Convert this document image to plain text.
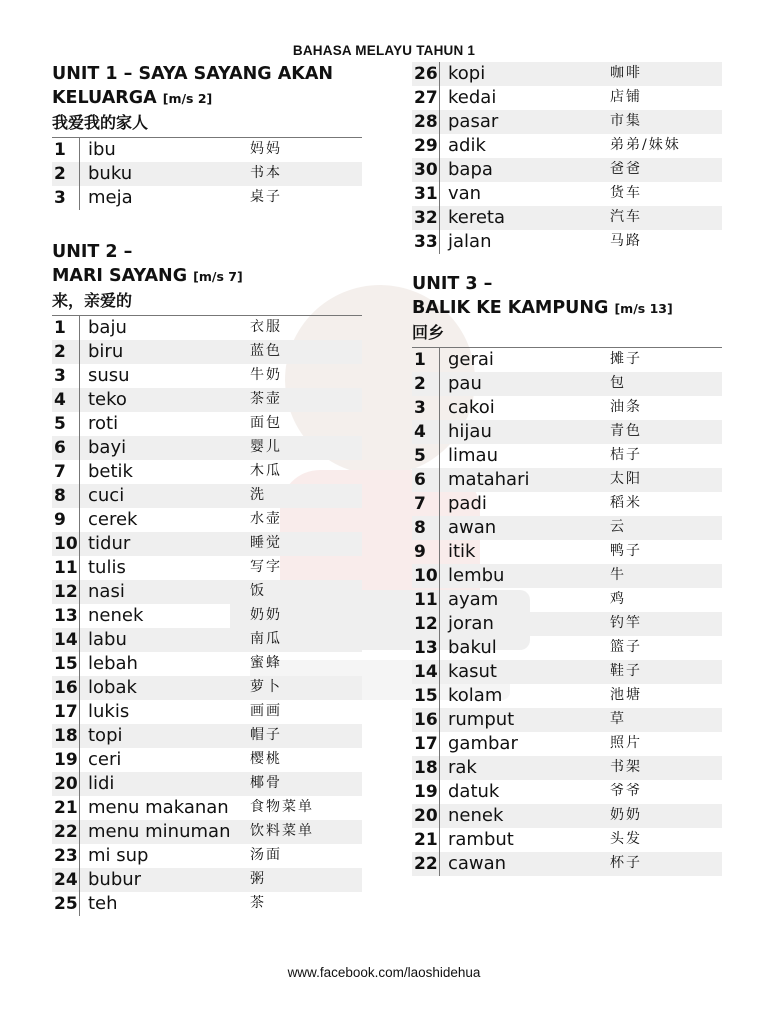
BAHASA MELAYU TAHUN 1
UNIT 1 – SAYA SAYANG AKAN
KELUARGA [m/s 2]
我爱我的家人
1	ibu	妈妈
2	buku	书本
3	meja	桌子
UNIT 2 –
MARI SAYANG [m/s 7]
来，亲爱的
1	baju	衣服
2	biru	蓝色
3	susu	牛奶
4	teko	茶壶
5	roti	面包
6	bayi	婴儿
7	betik	木瓜
8	cuci	洗
9	cerek	水壶
10 tidur	睡觉
11 tulis	写字
12 nasi	饭
13 nenek	奶奶
14 labu	南瓜
15 lebah	蜜蜂
16 lobak	萝卜
17 lukis	画画
18 topi	帽子
19 ceri	樱桃
20 lidi	椰骨
21 menu makanan	食物菜单
22 menu minuman	饮料菜单
23 mi sup	汤面
24 bubur	粥
25 teh	茶
26 kopi	咖啡
27 kedai	店铺
28 pasar	市集
29 adik	弟弟/妹妹
30 bapa	爸爸
31 van	货车
32 kereta	汽车
33 jalan	马路
UNIT 3 –
BALIK KE KAMPUNG [m/s 13]
回乡
1	gerai	摊子
2	pau	包
3	cakoi	油条
4	hijau	青色
5	limau	桔子
6	matahari	太阳
7	padi	稻米
8	awan	云
9	itik	鸭子
10 lembu	牛
11 ayam	鸡
12 joran	钓竿
13 bakul	篮子
14 kasut	鞋子
15 kolam	池塘
16 rumput	草
17 gambar	照片
18 rak	书架
19 datuk	爷爷
20 nenek	奶奶
21 rambut	头发
22 cawan	杯子
www.facebook.com/laoshidehua
